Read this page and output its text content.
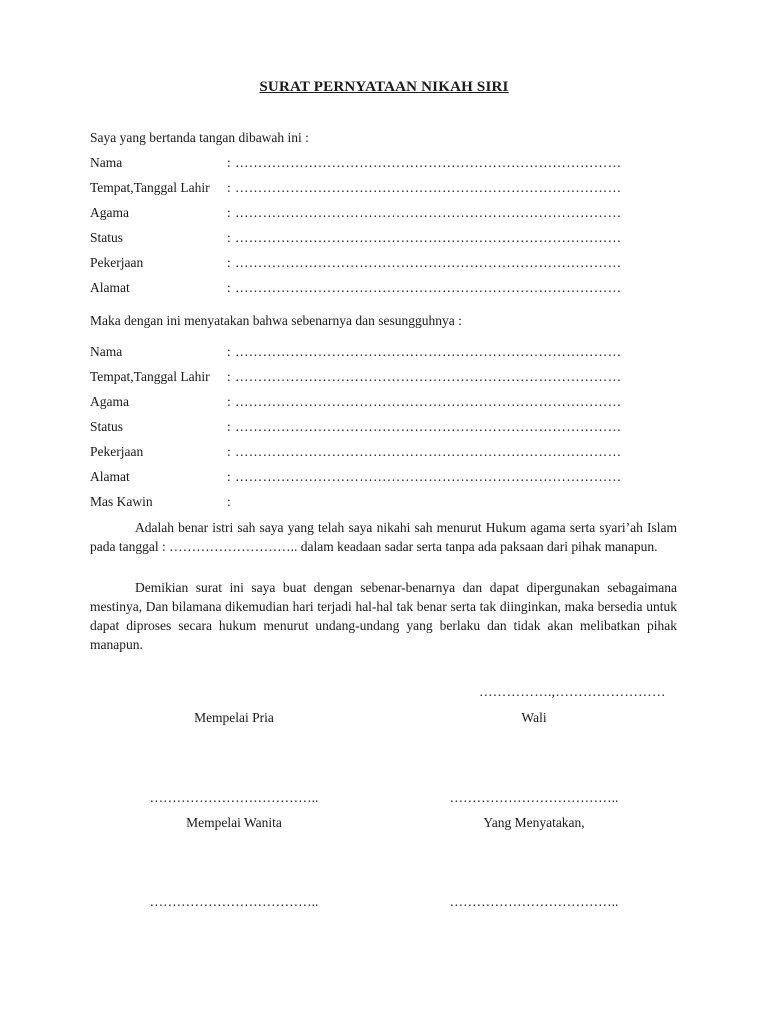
SURAT PERNYATAAN NIKAH SIRI
Saya yang bertanda tangan dibawah ini :
Nama	: …………………………………………………………………………
Tempat,Tanggal Lahir : …………………………………………………………………………
Agama	: …………………………………………………………………………
Status	: …………………………………………………………………………
Pekerjaan	: …………………………………………………………………………
Alamat	: …………………………………………………………………………
Maka dengan ini menyatakan bahwa sebenarnya dan sesungguhnya :
Nama	: …………………………………………………………………………
Tempat,Tanggal Lahir : …………………………………………………………………………
Agama	: …………………………………………………………………………
Status	: …………………………………………………………………………
Pekerjaan	: …………………………………………………………………………
Alamat	: …………………………………………………………………………
Mas Kawin	:
Adalah benar istri sah saya yang telah saya nikahi sah menurut Hukum agama serta syari’ah Islam pada tanggal : ……………………….. dalam keadaan sadar serta tanpa ada paksaan dari pihak manapun.
Demikian surat ini saya buat dengan sebenar-benarnya dan dapat dipergunakan sebagaimana mestinya, Dan bilamana dikemudian hari terjadi hal-hal tak benar serta tak diinginkan, maka bersedia untuk dapat diproses secara hukum menurut undang-undang yang berlaku dan tidak akan melibatkan pihak manapun.
…………….,……………………
Mempelai Pria	Wali
………………………………..	………………………………..
Mempelai Wanita	Yang Menyatakan,
………………………………..	………………………………..
